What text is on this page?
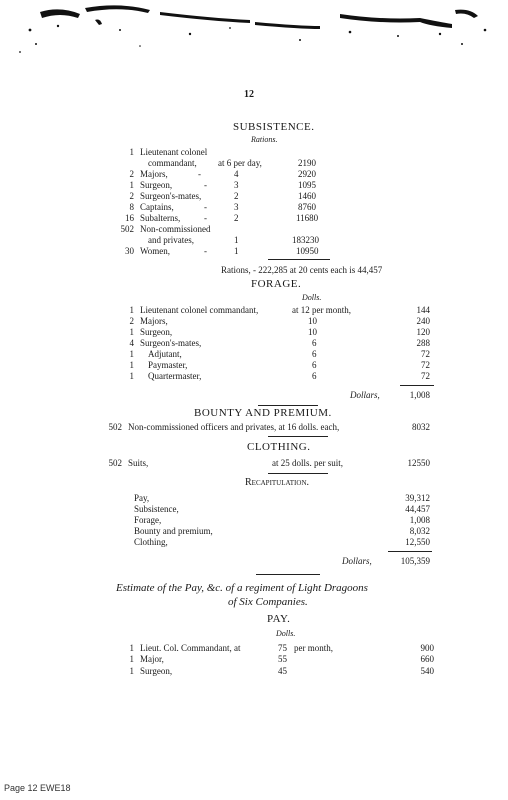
12
SUBSISTENCE.
Rations.
1 Lieutenant colonel
commandant, at 6 per day,	2190
2 Majors,	-	4	2920
1 Surgeon,	-	3	1095
2 Surgeon's-mates,	2	1460
8 Captains,	-	3	8760
16 Subalterns,	-	2	11680
502 Non-commissioned
and privates,	1	183230
30 Women,	-	1	10950
Rations, - 222,285 at 20 cents each is 44,457
FORAGE.
Dolls.
1 Lieutenant colonel commandant,	at 12 per month,	144
2 Majors,	10	240
1 Surgeon,	10	120
4 Surgeon's-mates,	6	288
1 Adjutant,	6	72
1 Paymaster,	6	72
1 Quartermaster,	6	72
Dollars,	1,008
BOUNTY AND PREMIUM.
502 Non-commissioned officers and privates, at 16 dolls. each,	8032
CLOTHING.
502 Suits,	at 25 dolls. per suit,	12550
Recapitulation.
Pay,	39,312
Subsistence,	44,457
Forage,	1,008
Bounty and premium,	8,032
Clothing,	12,550
Dollars,	105,359
Estimate of the Pay, &c. of a regiment of Light Dragoons
of Six Companies.
PAY.
Dolls.
1 Lieut. Col. Commandant, at	75 per month,	900
1 Major,	55	660
1 Surgeon,	45	540
Page 12 EWE18
